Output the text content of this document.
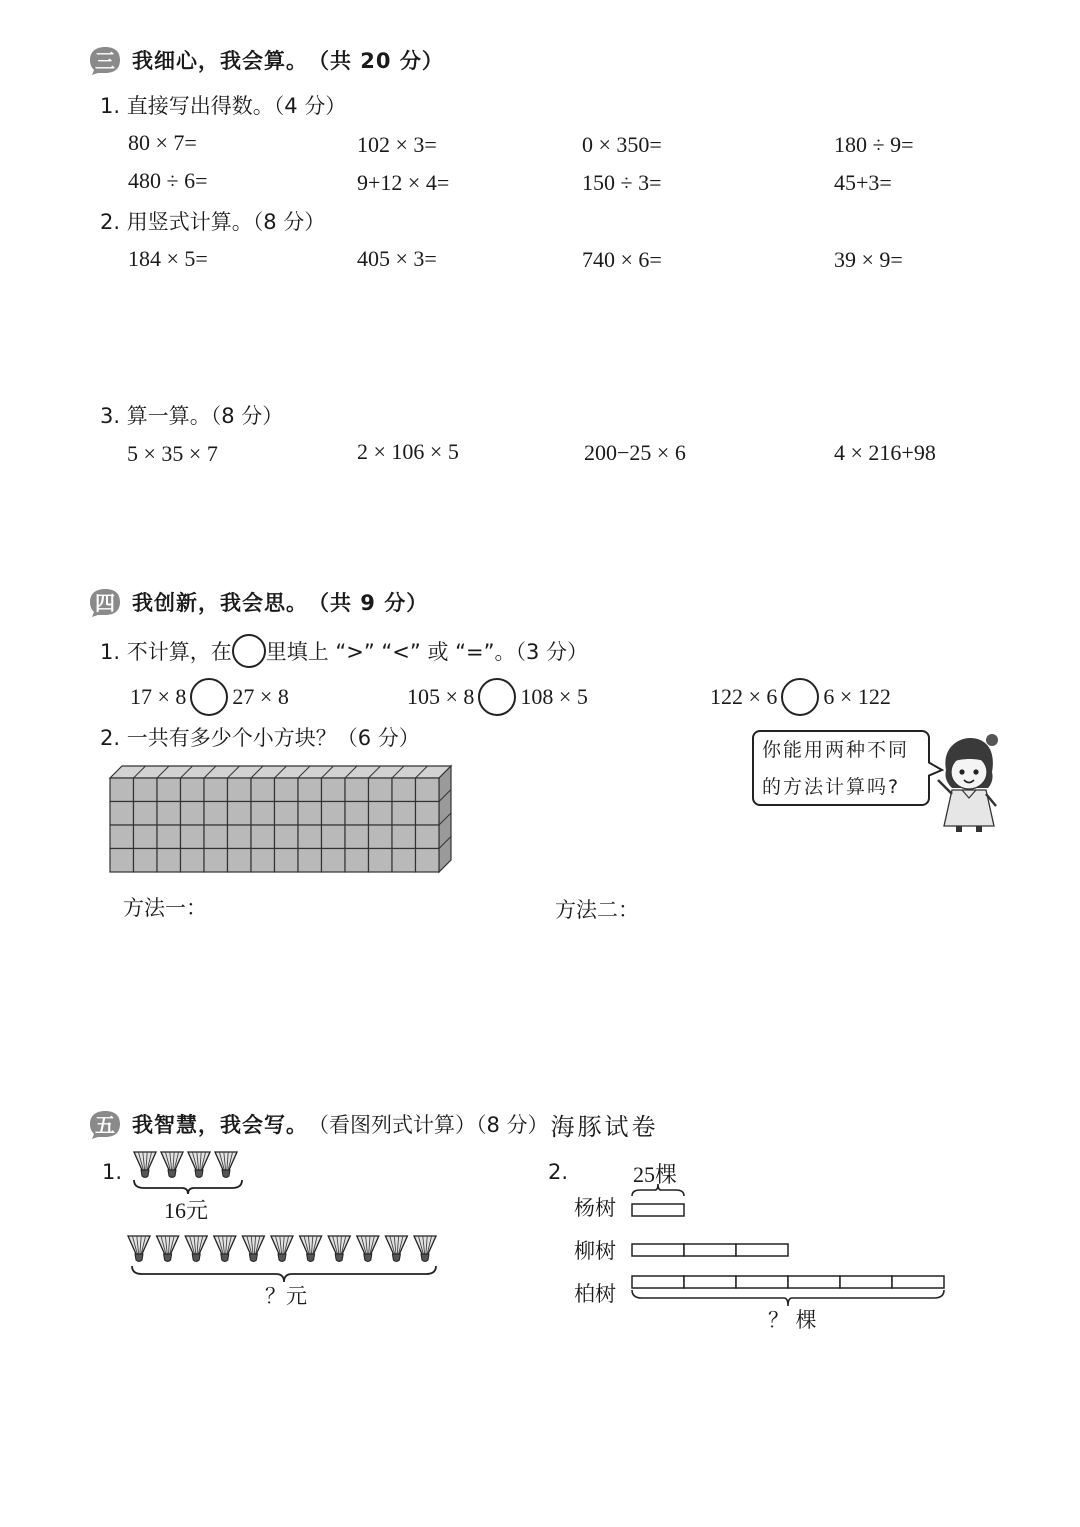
三 我细心，我会算。 （共 20 分）
1. 直接写出得数。（4 分）
80 × 7=	102 × 3=	0 × 350=	180 ÷ 9=
480 ÷ 6=	9+12 × 4=	150 ÷ 3=	45+3=
2. 用竖式计算。（8 分）
184 × 5=	405 × 3=	740 × 6=	39 × 9=
3. 算一算。（8 分）
5 × 35 × 7	2 × 106 × 5	200−25 × 6	4 × 216+98
四 我创新，我会思。 （共 9 分）
1. 不计算，在 里填上 “>” “<” 或 “=”。（3 分）
17 × 8 27 × 8	105 × 8 108 × 5	122 × 6 6 × 122
2. 一共有多少个小方块？（6 分）	你能用两种不同的方法计算吗?
方法一：	方法二：
五 我智慧，我会写。 （看图列式计算）（8 分） 海豚试卷
1.
16元
？元
2.	25棵
杨树
柳树
柏树
？ 棵
